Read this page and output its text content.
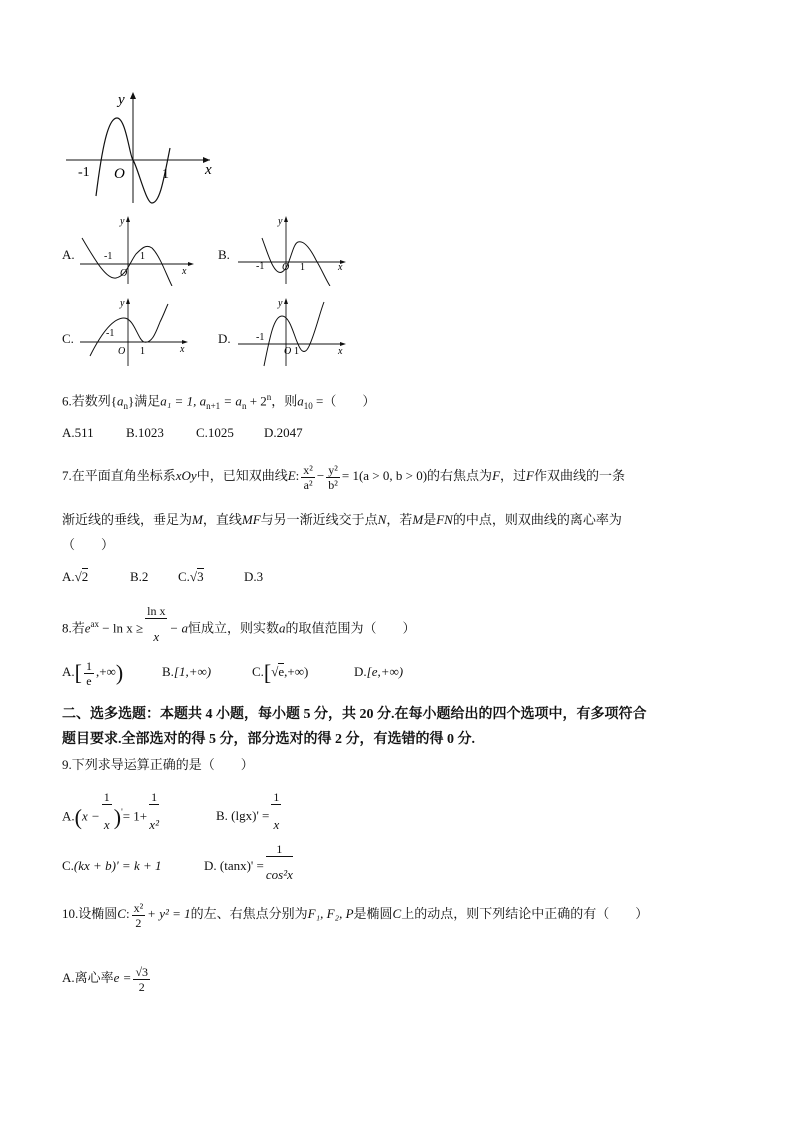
y
x
-1 O	1
A.
y
x
-1
O
1	B.
y
x
-1 O 1
C.
y
x
-1
O 1
D.
y
x
-1
O 1
6.若数列$\{a_n\}$满足a₁ = 1, $a_{n+1} = a_n + 2^n$，则$a_{10}$ =（　　）
A.511 B.1023 C.1025 D.2047
7.在平面直角坐标系xOy中，已知双曲线E: $\frac{\text{x²}}{\text{a²}} - \frac{\text{y²}}{\text{b²}} = 1(a > 0$, b > 0)的右焦点为F，过F作双曲线的一条
渐近线的垂线，垂足为M，直线MF与另一渐近线交于点N，若M是FN的中点，则双曲线的离心率为
（　　）
A.√2	B.2 C.√3	D.3
8.若$e^{ax} - \ln x \ge \frac{\text{ln x}}{x} - a$恒成立，则实数a的取值范围为（　　）
$A.[ \frac{1}{e}$ ,+∞)	B.[1,+∞)	C.[√e,+∞)	D.[e,+∞)
二、选多选题：本题共 4 小题，每小题 5 分，共 20 分.在每小题给出的四个选项中，有多项符合
题目要求.全部选对的得 5 分，部分选对的得 2 分，有选错的得 0 分.
9.下列求导运算正确的是（　　）
$A.(x - \frac{1}{x})'= 1+ \frac{1}{\text{x²}}$	B. $(\lg x)' = \frac{1}{x}$
C.(kx + b)' = k + 1	D. $(\tan x)' = \frac{1}{\text{cos²x}}$
10.设椭圆C: $\frac{\text{x²}}{2} + y^2 = 1$的左、右焦点分别为F₁, F₂, P是椭圆C上的动点，则下列结论中正确的有（　　）
A.离心率$e = \frac{√3}{2}$
